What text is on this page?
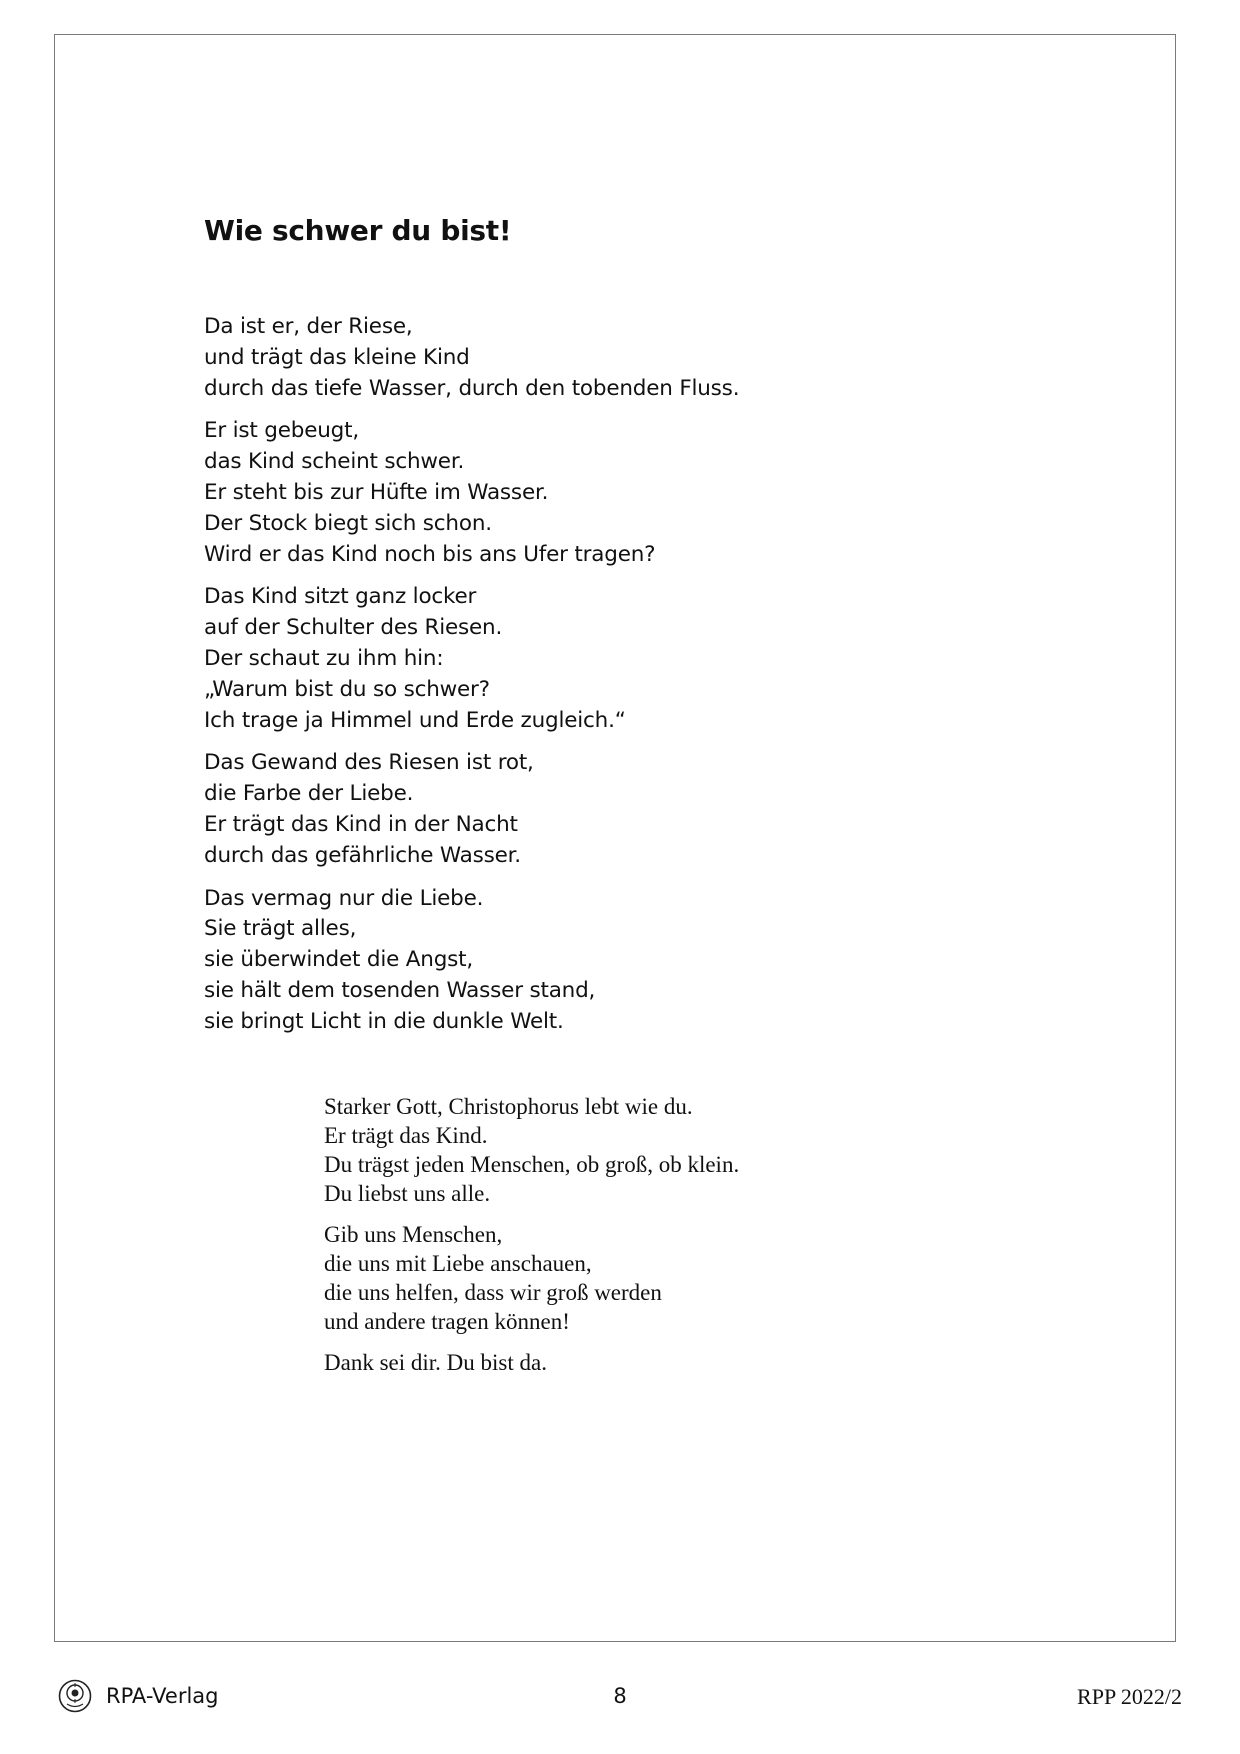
Wie schwer du bist!

Da ist er, der Riese,
und trägt das kleine Kind
durch das tiefe Wasser, durch den tobenden Fluss.

Er ist gebeugt,
das Kind scheint schwer.
Er steht bis zur Hüfte im Wasser.
Der Stock biegt sich schon.
Wird er das Kind noch bis ans Ufer tragen?

Das Kind sitzt ganz locker
auf der Schulter des Riesen.
Der schaut zu ihm hin:
„Warum bist du so schwer?
Ich trage ja Himmel und Erde zugleich.“

Das Gewand des Riesen ist rot,
die Farbe der Liebe.
Er trägt das Kind in der Nacht
durch das gefährliche Wasser.

Das vermag nur die Liebe.
Sie trägt alles,
sie überwindet die Angst,
sie hält dem tosenden Wasser stand,
sie bringt Licht in die dunkle Welt.

Starker Gott, Christophorus lebt wie du.
Er trägt das Kind.
Du trägst jeden Menschen, ob groß, ob klein.
Du liebst uns alle.

Gib uns Menschen,
die uns mit Liebe anschauen,
die uns helfen, dass wir groß werden
und andere tragen können!

Dank sei dir. Du bist da.

RPA-Verlag	8	RPP 2022/2
